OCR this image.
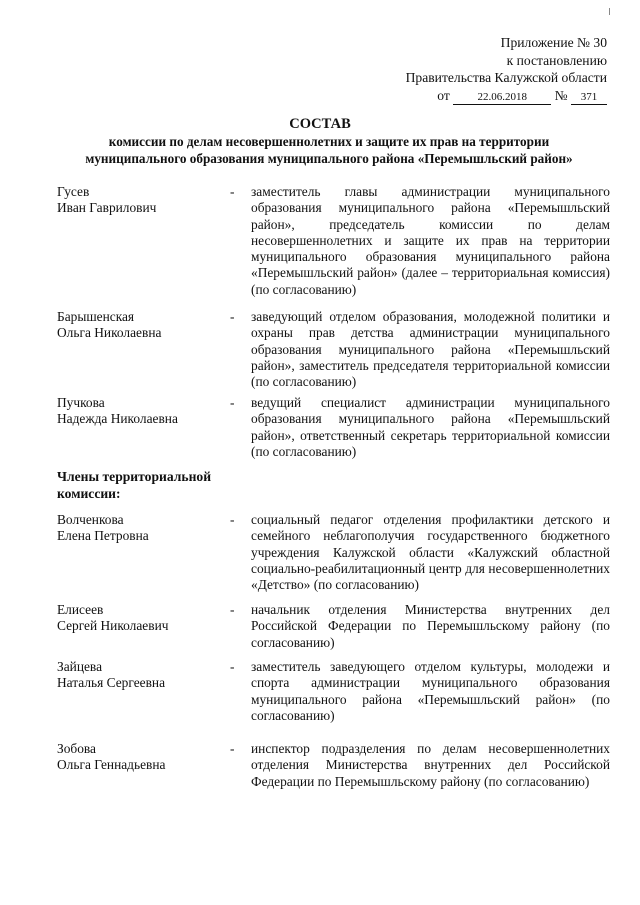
Приложение № 30
к постановлению
Правительства Калужской области
от	22.06.2018 № 371
СОСТАВ
комиссии по делам несовершеннолетних и защите их прав на территории
муниципального образования муниципального района «Перемышльский район»
Гусев
Иван Гаврилович
- заместитель главы администрации муниципального образования муниципального района «Перемышльский район», председатель комиссии по делам несовершеннолетних и защите их прав на территории муниципального образования муниципального района «Перемышльский район» (далее – территориальная комиссия) (по согласованию)
Барышенская
Ольга Николаевна
- заведующий отделом образования, молодежной политики и охраны прав детства администрации муниципального образования муниципального района «Перемышльский район», заместитель председателя территориальной комиссии (по согласованию)
Пучкова
Надежда Николаевна
- ведущий специалист администрации муниципального образования муниципального района «Перемышльский район», ответственный секретарь территориальной комиссии (по согласованию)
Члены территориальной
комиссии:
Волченкова
Елена Петровна
- социальный педагог отделения профилактики детского и семейного неблагополучия государственного бюджетного учреждения Калужской области «Калужский областной социально-реабилитационный центр для несовершеннолетних «Детство» (по согласованию)
Елисеев
Сергей Николаевич
- начальник отделения Министерства внутренних дел Российской Федерации по Перемышльскому району (по согласованию)
Зайцева
Наталья Сергеевна
- заместитель заведующего отделом культуры, молодежи и спорта администрации муниципального образования муниципального района «Перемышльский район» (по согласованию)
Зобова
Ольга Геннадьевна
- инспектор подразделения по делам несовершеннолетних отделения Министерства внутренних дел Российской Федерации по Перемышльскому району (по согласованию)
